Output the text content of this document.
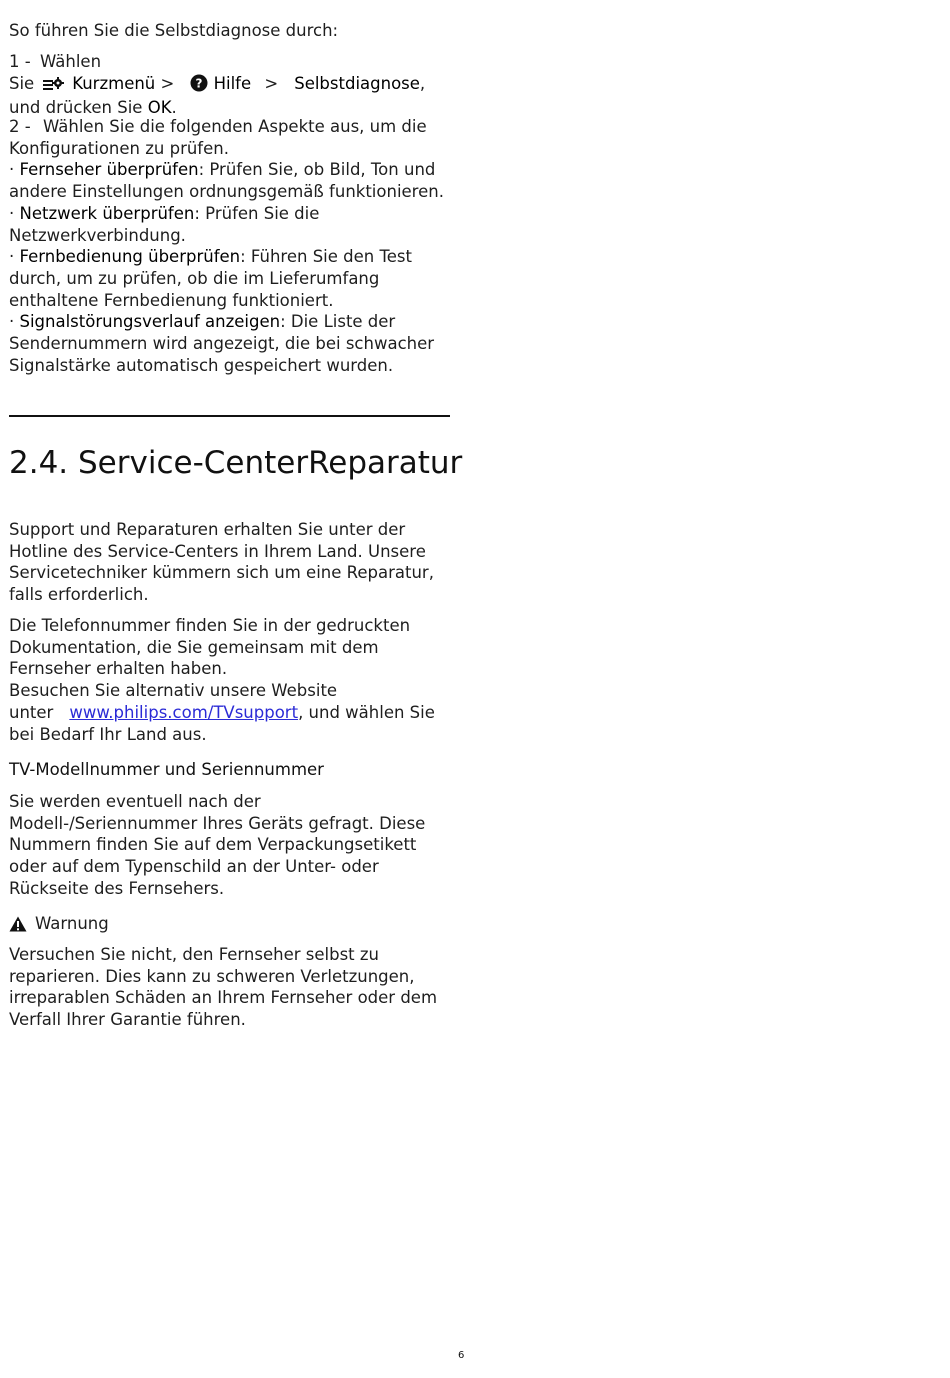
So führen Sie die Selbstdiagnose durch:

1 - Wählen
Sie Kurzmenü > ? Hilfe > Selbstdiagnose,
und drücken Sie OK.

2 - Wählen Sie die folgenden Aspekte aus, um die Konfigurationen zu prüfen.

· Fernseher überprüfen: Prüfen Sie, ob Bild, Ton und andere Einstellungen ordnungsgemäß funktionieren.

· Netzwerk überprüfen: Prüfen Sie die Netzwerkverbindung.

· Fernbedienung überprüfen: Führen Sie den Test durch, um zu prüfen, ob die im Lieferumfang enthaltene Fernbedienung funktioniert.

· Signalstörungsverlauf anzeigen: Die Liste der Sendernummern wird angezeigt, die bei schwacher Signalstärke automatisch gespeichert wurden.

2.4. Service-CenterReparatur

Support und Reparaturen erhalten Sie unter der Hotline des Service-Centers in Ihrem Land. Unsere Servicetechniker kümmern sich um eine Reparatur, falls erforderlich.

Die Telefonnummer finden Sie in der gedruckten Dokumentation, die Sie gemeinsam mit dem Fernseher erhalten haben.
Besuchen Sie alternativ unsere Website
unter www.philips.com/TVsupport, und wählen Sie bei Bedarf Ihr Land aus.

TV-Modellnummer und Seriennummer

Sie werden eventuell nach der Modell-/Seriennummer Ihres Geräts gefragt. Diese Nummern finden Sie auf dem Verpackungsetikett oder auf dem Typenschild an der Unter- oder Rückseite des Fernsehers.

Warnung

Versuchen Sie nicht, den Fernseher selbst zu reparieren. Dies kann zu schweren Verletzungen, irreparablen Schäden an Ihrem Fernseher oder dem Verfall Ihrer Garantie führen.

6
